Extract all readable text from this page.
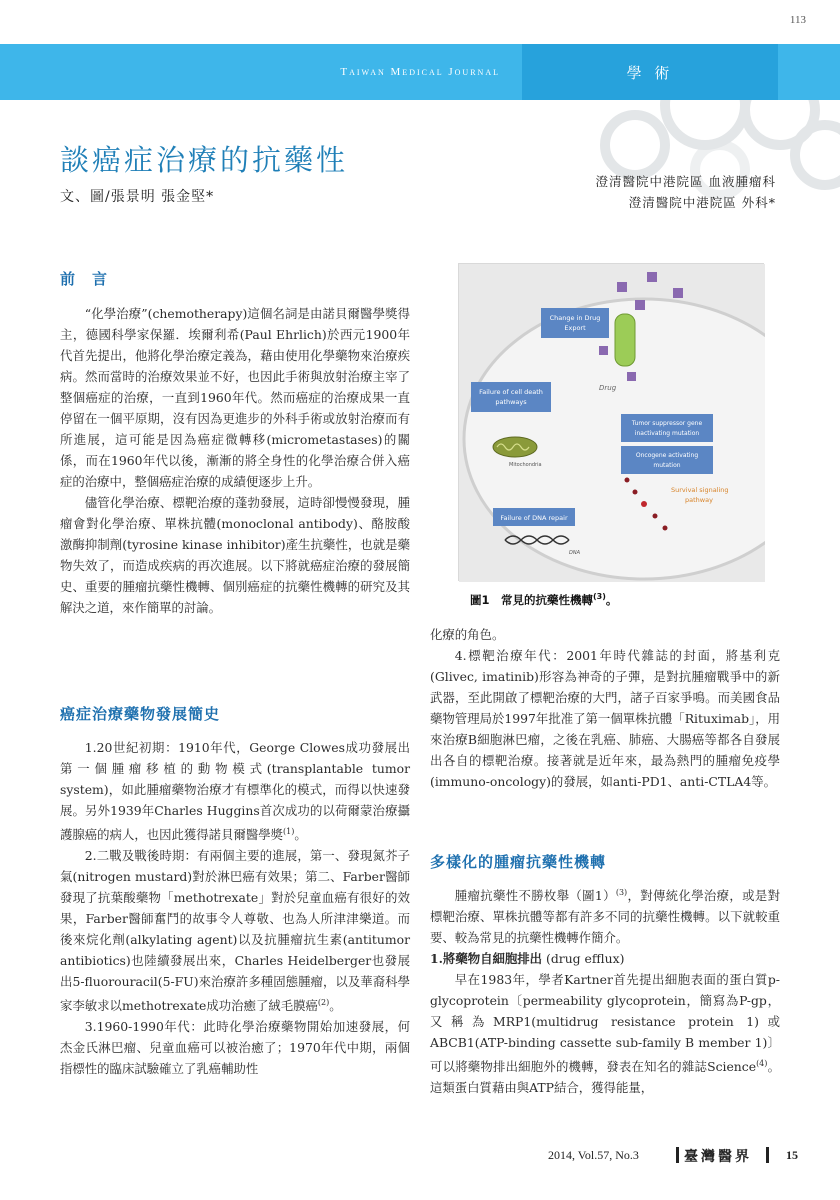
113
Taiwan Medical Journal	學 術
談癌症治療的抗藥性
文、圖/張景明 張金堅*
澄清醫院中港院區 血液腫瘤科
澄清醫院中港院區 外科*
前　言

“化學治療”(chemotherapy)這個名詞是由諾貝爾醫學獎得主，德國科學家保羅．埃爾利希(Paul Ehrlich)於西元1900年代首先提出，他將化學治療定義為，藉由使用化學藥物來治療疾病。然而當時的治療效果並不好，也因此手術與放射治療主宰了整個癌症的治療，一直到1960年代。然而癌症的治療成果一直停留在一個平原期，沒有因為更進步的外科手術或放射治療而有所進展，這可能是因為癌症微轉移(micrometastases)的關係，而在1960年代以後，漸漸的將全身性的化學治療合併入癌症的治療中，整個癌症治療的成績便逐步上升。

儘管化學治療、標靶治療的蓬勃發展，這時卻慢慢發現，腫瘤會對化學治療、單株抗體(monoclonal antibody)、酪胺酸激酶抑制劑(tyrosine kinase inhibitor)產生抗藥性，也就是藥物失效了，而造成疾病的再次進展。以下將就癌症治療的發展簡史、重要的腫瘤抗藥性機轉、個別癌症的抗藥性機轉的研究及其解決之道，來作簡單的討論。

癌症治療藥物發展簡史

1.20世紀初期：1910年代，George Clowes成功發展出第一個腫瘤移植的動物模式(transplantable tumor system)，如此腫瘤藥物治療才有標準化的模式，而得以快速發展。另外1939年Charles Huggins首次成功的以荷爾蒙治療攝護腺癌的病人，也因此獲得諾貝爾醫學獎$^{(1)}$。

2.二戰及戰後時期：有兩個主要的進展，第一、發現氮芥子氣(nitrogen mustard)對於淋巴癌有效果；第二、Farber醫師發現了抗葉酸藥物「methotrexate」對於兒童血癌有很好的效果，Farber醫師奮鬥的故事令人尊敬、也為人所津津樂道。而後來烷化劑(alkylating agent)以及抗腫瘤抗生素(antitumor antibiotics)也陸續發展出來，Charles Heidelberger也發展出5-fluorouracil(5-FU)來治療許多種固態腫瘤，以及華裔科學家李敏求以methotrexate成功治癒了絨毛膜癌$^{(2)}$。

3.1960-1990年代：此時化學治療藥物開始加速發展，何杰金氏淋巴瘤、兒童血癌可以被治癒了；1970年代中期，兩個指標性的臨床試驗確立了乳癌輔助性

Drug
Change in Drug
Export
Failure of cell death
pathways
Tumor suppressor gene
inactivating mutation
Oncogene activating
mutation
Failure of DNA repair
Mitochondria
Survival signaling
pathway
DNA
圖1　常見的抗藥性機轉$^{(3)}$。

化療的角色。

4.標靶治療年代：2001年時代雜誌的封面，將基利克(Glivec, imatinib)形容為神奇的子彈，是對抗腫瘤戰爭中的新武器，至此開啟了標靶治療的大門，諸子百家爭鳴。而美國食品藥物管理局於1997年批准了第一個單株抗體「Rituximab」，用來治療B細胞淋巴瘤，之後在乳癌、肺癌、大腸癌等都各自發展出各自的標靶治療。接著就是近年來，最為熱門的腫瘤免疫學(immuno-oncology)的發展，如anti-PD1、anti-CTLA4等。

多樣化的腫瘤抗藥性機轉

腫瘤抗藥性不勝枚舉（圖1）$^{(3)}$，對傳統化學治療，或是對標靶治療、單株抗體等都有許多不同的抗藥性機轉。以下就較重要、較為常見的抗藥性機轉作簡介。

1.將藥物自細胞排出 (drug efflux)

早在1983年，學者Kartner首先提出細胞表面的蛋白質p-glycoprotein〔permeability glycoprotein，簡寫為P-gp，又稱為MRP1(multidrug resistance protein 1)或ABCB1(ATP-binding cassette sub-family B member 1)〕可以將藥物排出細胞外的機轉，發表在知名的雜誌Science$^{(4)}$。這類蛋白質藉由與ATP結合，獲得能量，

2014, Vol.57, No.3	臺灣醫界	15
